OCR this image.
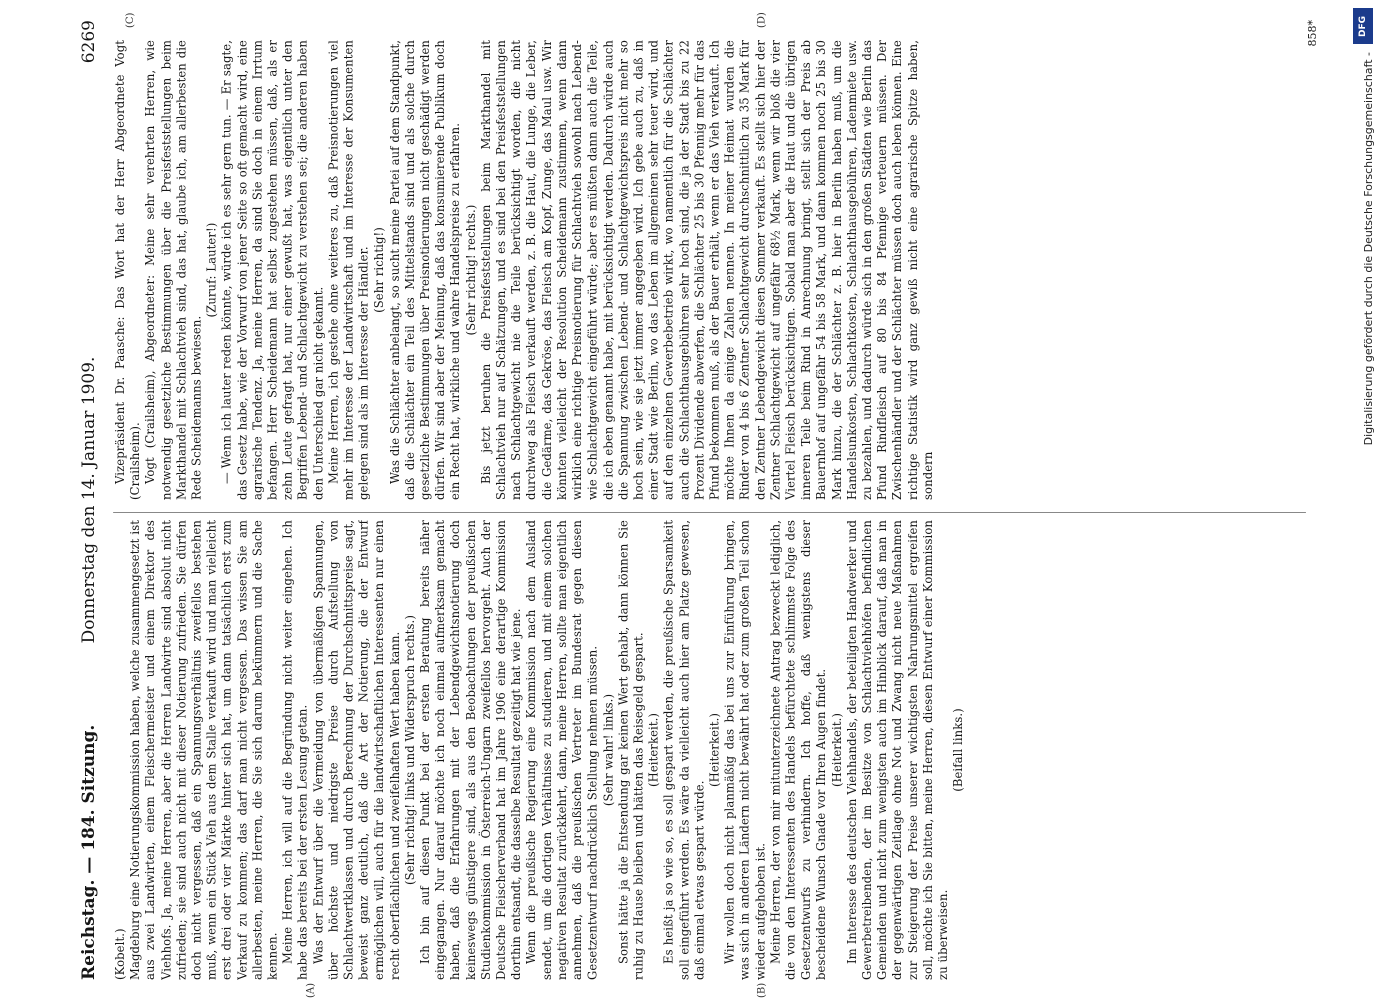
Reichstag. — 184. Sitzung.
Donnerstag den 14. Januar 1909.
6269
(A)	(B)
(C)	(D)

(Kobelt.) Magdeburg eine Notierungskommission haben, welche zusammengesetzt ist aus zwei Landwirten, einem Fleischermeister und einem Direktor des Viehhofs. Ja, meine Herren, aber die Herren Landwirte sind absolut nicht zufrieden; sie sind auch nicht mit dieser Notierung zufrieden. Sie dürfen doch nicht vergessen, daß ein Spannungsverhältnis zweifellos bestehen muß, wenn ein Stück Vieh aus dem Stalle verkauft wird und man vielleicht erst drei oder vier Märkte hinter sich hat, um dann tatsächlich erst zum Verkauf zu kommen; das darf man nicht vergessen. Das wissen Sie am allerbesten, meine Herren, die Sie sich darum bekümmern und die Sache kennen. Meine Herren, ich will auf die Begründung nicht weiter eingehen. Ich habe das bereits bei der ersten Lesung getan. Was der Entwurf über die Vermeidung von übermäßigen Spannungen, über höchste und niedrigste Preise durch Aufstellung von Schlachtwertklassen und durch Berechnung der Durchschnittspreise sagt, beweist ganz deutlich, daß die Art der Notierung, die der Entwurf ermöglichen will, auch für die landwirtschaftlichen Interessenten nur einen recht oberflächlichen und zweifelhaften Wert haben kann. (Sehr richtig! links und Widerspruch rechts.) Ich bin auf diesen Punkt bei der ersten Beratung bereits näher eingegangen. Nur darauf möchte ich noch einmal aufmerksam gemacht haben, daß die Erfahrungen mit der Lebendgewichtsnotierung doch keineswegs günstigere sind, als aus den Beobachtungen der preußischen Studienkommission in Österreich-Ungarn zweifellos hervorgeht. Auch der Deutsche Fleischerverband hat im Jahre 1906 eine derartige Kommission dorthin entsandt, die dasselbe Resultat gezeitigt hat wie jene. Wenn die preußische Regierung eine Kommission nach dem Ausland sendet, um die dortigen Verhältnisse zu studieren, und mit einem solchen negativen Resultat zurückkehrt, dann, meine Herren, sollte man eigentlich annehmen, daß die preußischen Vertreter im Bundesrat gegen diesen Gesetzentwurf nachdrücklich Stellung nehmen müssen. (Sehr wahr! links.) Sonst hätte ja die Entsendung gar keinen Wert gehabt, dann können Sie ruhig zu Hause bleiben und hätten das Reisegeld gespart. (Heiterkeit.) Es heißt ja so wie so, es soll gespart werden, die preußische Sparsamkeit soll eingeführt werden. Es wäre da vielleicht auch hier am Platze gewesen, daß einmal etwas gespart würde.

(Heiterkeit.) Wir wollen doch nicht planmäßig das bei uns zur Einführung bringen, was sich in anderen Ländern nicht bewährt hat oder zum großen Teil schon wieder aufgehoben ist. Meine Herren, der von mir mitunterzeichnete Antrag bezweckt lediglich, die von den Interessenten des Handels befürchtete schlimmste Folge des Gesetzentwurfs zu verhindern. Ich hoffe, daß wenigstens dieser bescheidene Wunsch Gnade vor Ihren Augen findet. (Heiterkeit.) Im Interesse des deutschen Viehhandels, der beteiligten Handwerker und Gewerbetreibenden, der im Besitze von Schlachtviehhöfen befindlichen Gemeinden und nicht zum wenigsten auch im Hinblick darauf, daß man in der gegenwärtigen Zeitlage ohne Not und Zwang nicht neue Maßnahmen zur Steigerung der Preise unserer wichtigsten Nahrungsmittel ergreifen soll, möchte ich Sie bitten, meine Herren, diesen Entwurf einer Kommission zu überweisen.

(Beifall links.)

Vizepräsident Dr. Paasche: Das Wort hat der Herr Abgeordnete Vogt (Crailsheim). Vogt (Crailsheim), Abgeordneter: Meine sehr verehrten Herren, wie notwendig gesetzliche Bestimmungen über die Preisfeststellungen beim Markthandel mit Schlachtvieh sind, das hat, glaube ich, am allerbesten die Rede Scheidemanns bewiesen.

(Zuruf: Lauter!) — Wenn ich lauter reden könnte, würde ich es sehr gern tun. — Er sagte, das Gesetz habe, wie der Vorwurf von jener Seite so oft gemacht wird, eine agrarische Tendenz. Ja, meine Herren, da sind Sie doch in einem Irrtum befangen. Herr Scheidemann hat selbst zugestehen müssen, daß, als er zehn Leute gefragt hat, nur einer gewußt hat, was eigentlich unter den Begriffen Lebend- und Schlachtgewicht zu verstehen sei; die anderen haben den Unterschied gar nicht gekannt. Meine Herren, ich gestehe ohne weiteres zu, daß Preisnotierungen viel mehr im Interesse der Landwirtschaft und im Interesse der Konsumenten gelegen sind als im Interesse der Händler. (Sehr richtig!) Was die Schlächter anbelangt, so sucht meine Partei auf dem Standpunkt, daß die Schlächter ein Teil des Mittelstands sind und als solche durch gesetzliche Bestimmungen über Preisnotierungen nicht geschädigt werden dürfen. Wir sind aber der Meinung, daß das konsumierende Publikum doch ein Recht hat, wirkliche und wahre Handelspreise zu erfahren. (Sehr richtig! rechts.) Bis jetzt beruhen die Preisfeststellungen beim Markthandel mit Schlachtvieh nur auf Schätzungen, und es sind bei den Preisfeststellungen nach Schlachtgewicht nie die Teile berücksichtigt worden, die nicht durchweg als Fleisch verkauft werden, z. B. die Haut, die Lunge, die Leber, die Gedärme, das Gekröse, das Fleisch am Kopf, Zunge, das Maul usw. Wir könnten vielleicht der Resolution Scheidemann zustimmen, wenn dann wirklich eine richtige Preisnotierung für Schlachtvieh sowohl nach Lebend- wie Schlachtgewicht eingeführt würde; aber es müßten dann auch die Teile, die ich eben genannt habe, mit berücksichtigt werden. Dadurch würde auch die Spannung zwischen Lebend- und Schlachtgewichtspreis nicht mehr so hoch sein, wie sie jetzt immer angegeben wird. Ich gebe auch zu, daß in einer Stadt wie Berlin, wo das Leben im allgemeinen sehr teuer wird, und auf den einzelnen Gewerbebetrieb wirkt, wo namentlich für die Schlächter auch die Schlachthausgebühren sehr hoch sind, die ja der Stadt bis zu 22 Prozent Dividende abwerfen, die Schlächter 25 bis 30 Pfennig mehr für das Pfund bekommen muß, als der Bauer erhält, wenn er das Vieh verkauft. Ich möchte Ihnen da einige Zahlen nennen. In meiner Heimat wurden die Rinder von 4 bis 6 Zentner Schlachtgewicht durchschnittlich zu 35 Mark für den Zentner Lebendgewicht diesen Sommer verkauft. Es stellt sich hier der Zentner Schlachtgewicht auf ungefähr 68½ Mark, wenn wir bloß die vier Viertel Fleisch berücksichtigen. Sobald man aber die Haut und die übrigen inneren Teile beim Rind in Anrechnung bringt, stellt sich der Preis ab Bauernhof auf ungefähr 54 bis 58 Mark, und dann kommen noch 25 bis 30 Mark hinzu, die der Schlächter z. B. hier in Berlin haben muß, um die Handelsunkosten, Schlachtkosten, Schlachthausgebühren, Ladenmiete usw. zu bezahlen, und dadurch würde sich in den großen Städten wie Berlin das Pfund Rindfleisch auf 80 bis 84 Pfennige verteuern müssen. Der Zwischenhändler und der Schlächter müssen doch auch leben können. Eine richtige Statistik wird ganz gewiß nicht eine agrarische Spitze haben, sondern

858*	DFG
Digitalisierung gefördert durch die Deutsche Forschungsgemeinschaft -
